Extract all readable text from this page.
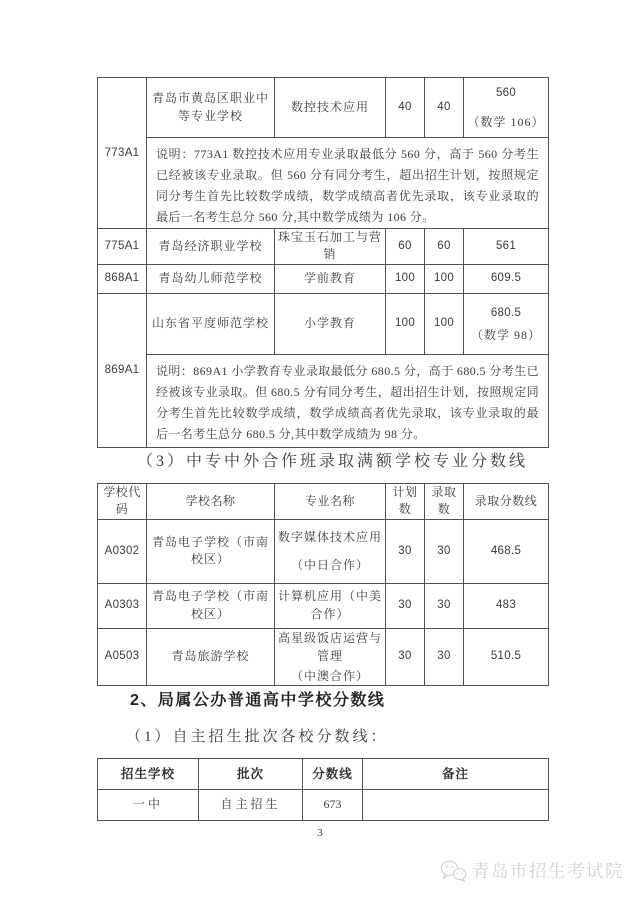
773A1	青岛市黄岛区职业中等专业学校	数控技术应用	40	40	560
（数学 106）

	说明：773A1 数控技术应用专业录取最低分 560 分，高于 560 分考生已经被该专业录取。但 560 分有同分考生，超出招生计划，按照规定同分考生首先比较数学成绩，数学成绩高者优先录取，该专业录取的最后一名考生总分 560 分,其中数学成绩为 106 分。				
775A1	青岛经济职业学校	珠宝玉石加工与营销	60	60	561
868A1	青岛幼儿师范学校	学前教育	100	100	609.5
869A1	山东省平度师范学校	小学教育	100	100	680.5
（数学 98）

	说明：869A1 小学教育专业录取最低分 680.5 分，高于 680.5 分考生已经被该专业录取。但 680.5 分有同分考生，超出招生计划，按照规定同分考生首先比较数学成绩，数学成绩高者优先录取，该专业录取的最后一名考生总分 680.5 分,其中数学成绩为 98 分。				
（3）中专中外合作班录取满额学校专业分数线
学校代码	学校名称	专业名称	计划数	录取数	录取分数线
A0302	青岛电子学校（市南校区）	数字媒体技术应用
（中日合作）	30	30	468.5
A0303	青岛电子学校（市南校区）	计算机应用（中美合作）	30	30	483
A0503	青岛旅游学校	高星级饭店运营与管理
（中澳合作）	30	30	510.5
2、局属公办普通高中学校分数线
（1）自主招生批次各校分数线：
招生学校	批次	分数线	备注
一中	自主招生	673	
3
青岛市招生考试院
